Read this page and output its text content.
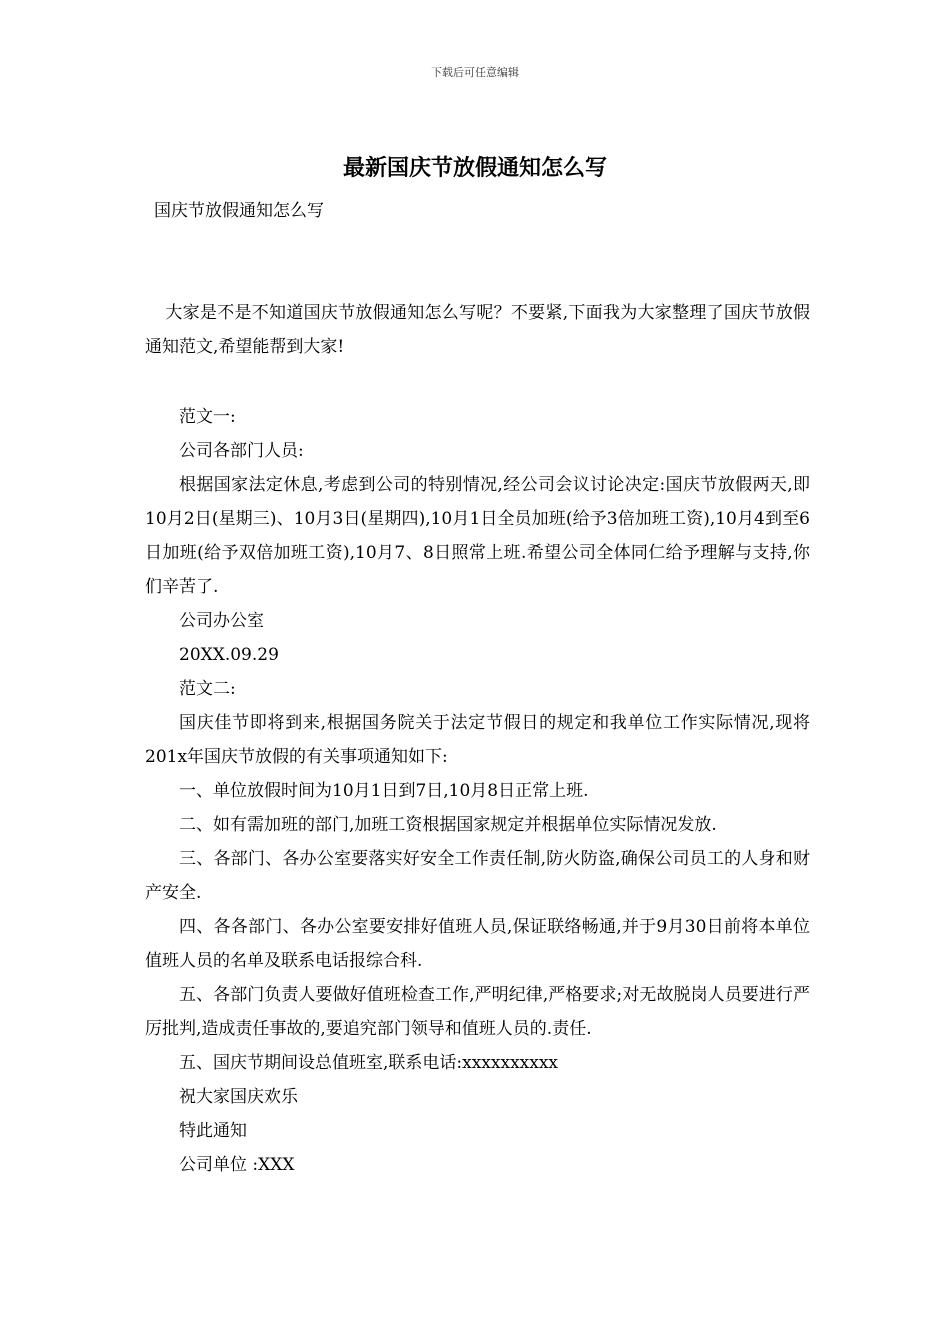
下载后可任意编辑
最新国庆节放假通知怎么写
国庆节放假通知怎么写

大家是不是不知道国庆节放假通知怎么写呢？不要紧,下面我为大家整理了国庆节放假通知范文,希望能帮到大家!

范文一:

公司各部门人员:

根据国家法定休息,考虑到公司的特别情况,经公司会议讨论决定:国庆节放假两天,即10月2日(星期三)、10月3日(星期四),10月1日全员加班(给予3倍加班工资),10月4到至6日加班(给予双倍加班工资),10月7、8日照常上班.希望公司全体同仁给予理解与支持,你们辛苦了.

公司办公室

20XX.09.29

范文二:

国庆佳节即将到来,根据国务院关于法定节假日的规定和我单位工作实际情况,现将201x年国庆节放假的有关事项通知如下:

一、单位放假时间为10月1日到7日,10月8日正常上班.

二、如有需加班的部门,加班工资根据国家规定并根据单位实际情况发放.

三、各部门、各办公室要落实好安全工作责任制,防火防盗,确保公司员工的人身和财产安全.

四、各各部门、各办公室要安排好值班人员,保证联络畅通,并于9月30日前将本单位值班人员的名单及联系电话报综合科.

五、各部门负责人要做好值班检查工作,严明纪律,严格要求;对无故脱岗人员要进行严厉批判,造成责任事故的,要追究部门领导和值班人员的.责任.

五、国庆节期间设总值班室,联系电话:xxxxxxxxxx

祝大家国庆欢乐

特此通知

公司单位 :XXX
